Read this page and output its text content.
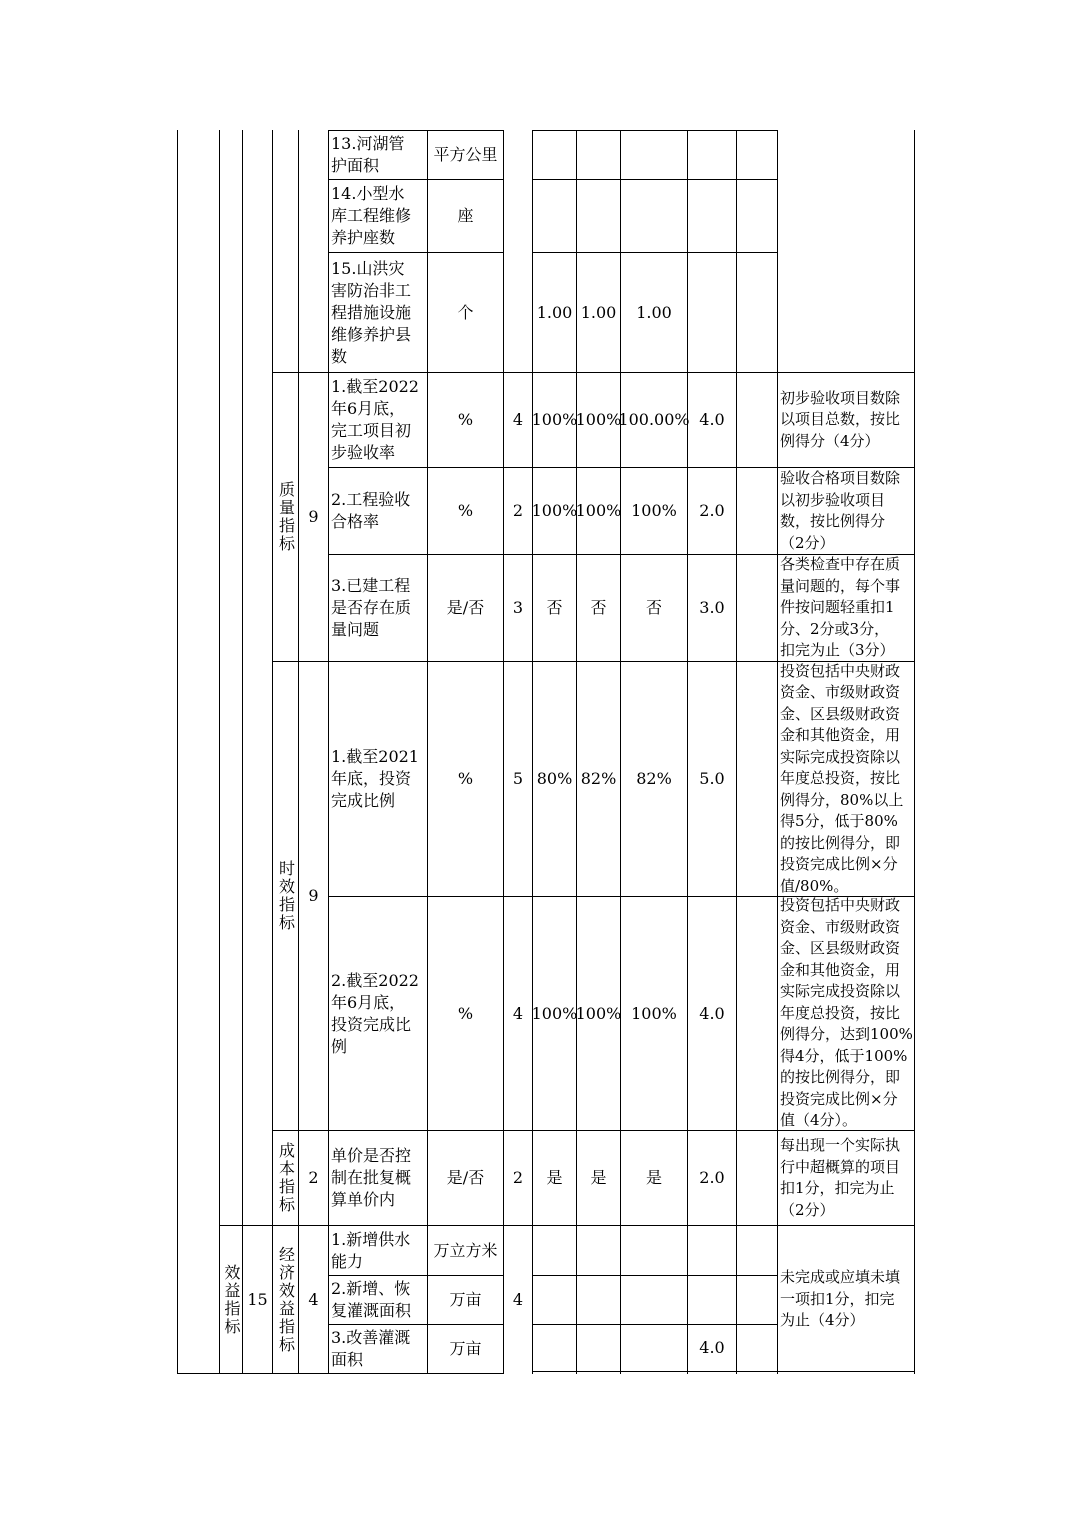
13.河湖管
护面积
平方公里
14.小型水
库工程维修
养护座数
座
15.山洪灾
害防治非工
程措施设施
维修养护县
数
个	1.00 1.00 1.00
质量指标 9
1.截至2022
年6月底，
完工项目初
步验收率
% 4 100%
100%
100.00% 4.0
初步验收项目数除
以项目总数，按比
例得分（4分）
2.工程验收
合格率
% 2 100%
100% 100% 2.0
验收合格项目数除
以初步验收项目
数，按比例得分
（2分）
3.已建工程
是否存在质
量问题
是/否 3 否 否 否 3.0
各类检查中存在质
量问题的，每个事
件按问题轻重扣1
分、2分或3分，
扣完为止（3分）
时效指标 9
1.截至2021
年底，投资
完成比例
% 5 80% 82% 82% 5.0
投资包括中央财政
资金、市级财政资
金、区县级财政资
金和其他资金，用
实际完成投资除以
年度总投资，按比
例得分，80%以上
得5分，低于80%
的按比例得分，即
投资完成比例×分
值/80%。
2.截至2022
年6月底，
投资完成比
例
% 4 100%
100% 100% 4.0
投资包括中央财政
资金、市级财政资
金、区县级财政资
金和其他资金，用
实际完成投资除以
年度总投资，按比
例得分，达到100%
得4分，低于100%
的按比例得分，即
投资完成比例×分
值（4分）。
成本指标 2
单价是否控
制在批复概
算单价内
是/否 2 是 是 是 2.0
每出现一个实际执
行中超概算的项目
扣1分，扣完为止
（2分）
效益指标 15 经济效益指标 4
1.新增供水
能力
万立方米
2.新增、恢
复灌溉面积
万亩
3.改善灌溉
面积
万亩	4.0
4
未完成或应填未填
一项扣1分，扣完
为止（4分）
